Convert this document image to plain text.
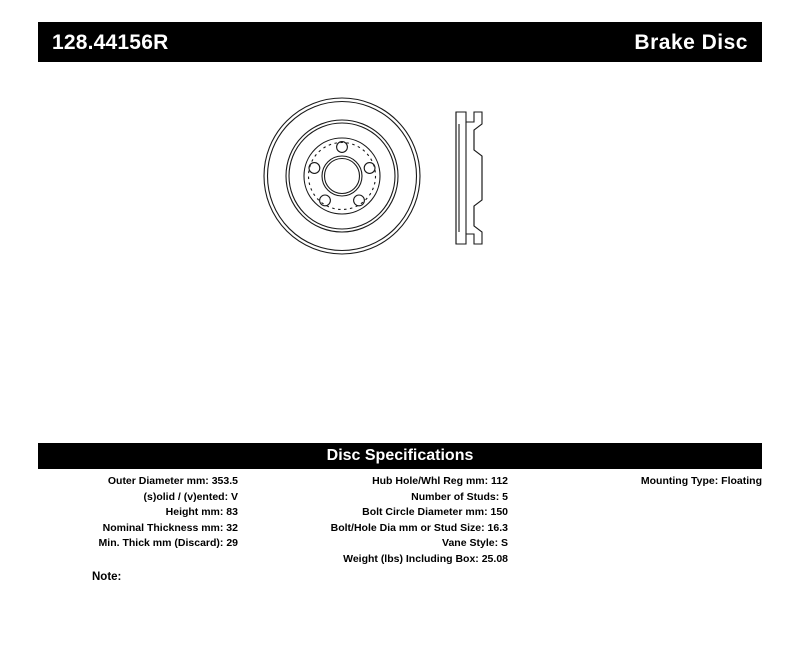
128.44156R	Brake Disc
Disc Specifications
Outer Diameter mm: 353.5
(s)olid / (v)ented: V
Height mm: 83
Nominal Thickness mm: 32
Min. Thick mm (Discard): 29
Hub Hole/Whl Reg mm: 112
Number of Studs: 5
Bolt Circle Diameter mm: 150
Bolt/Hole Dia mm or Stud Size: 16.3
Vane Style: S
Weight (lbs) Including Box: 25.08
Mounting Type: Floating
Note:
